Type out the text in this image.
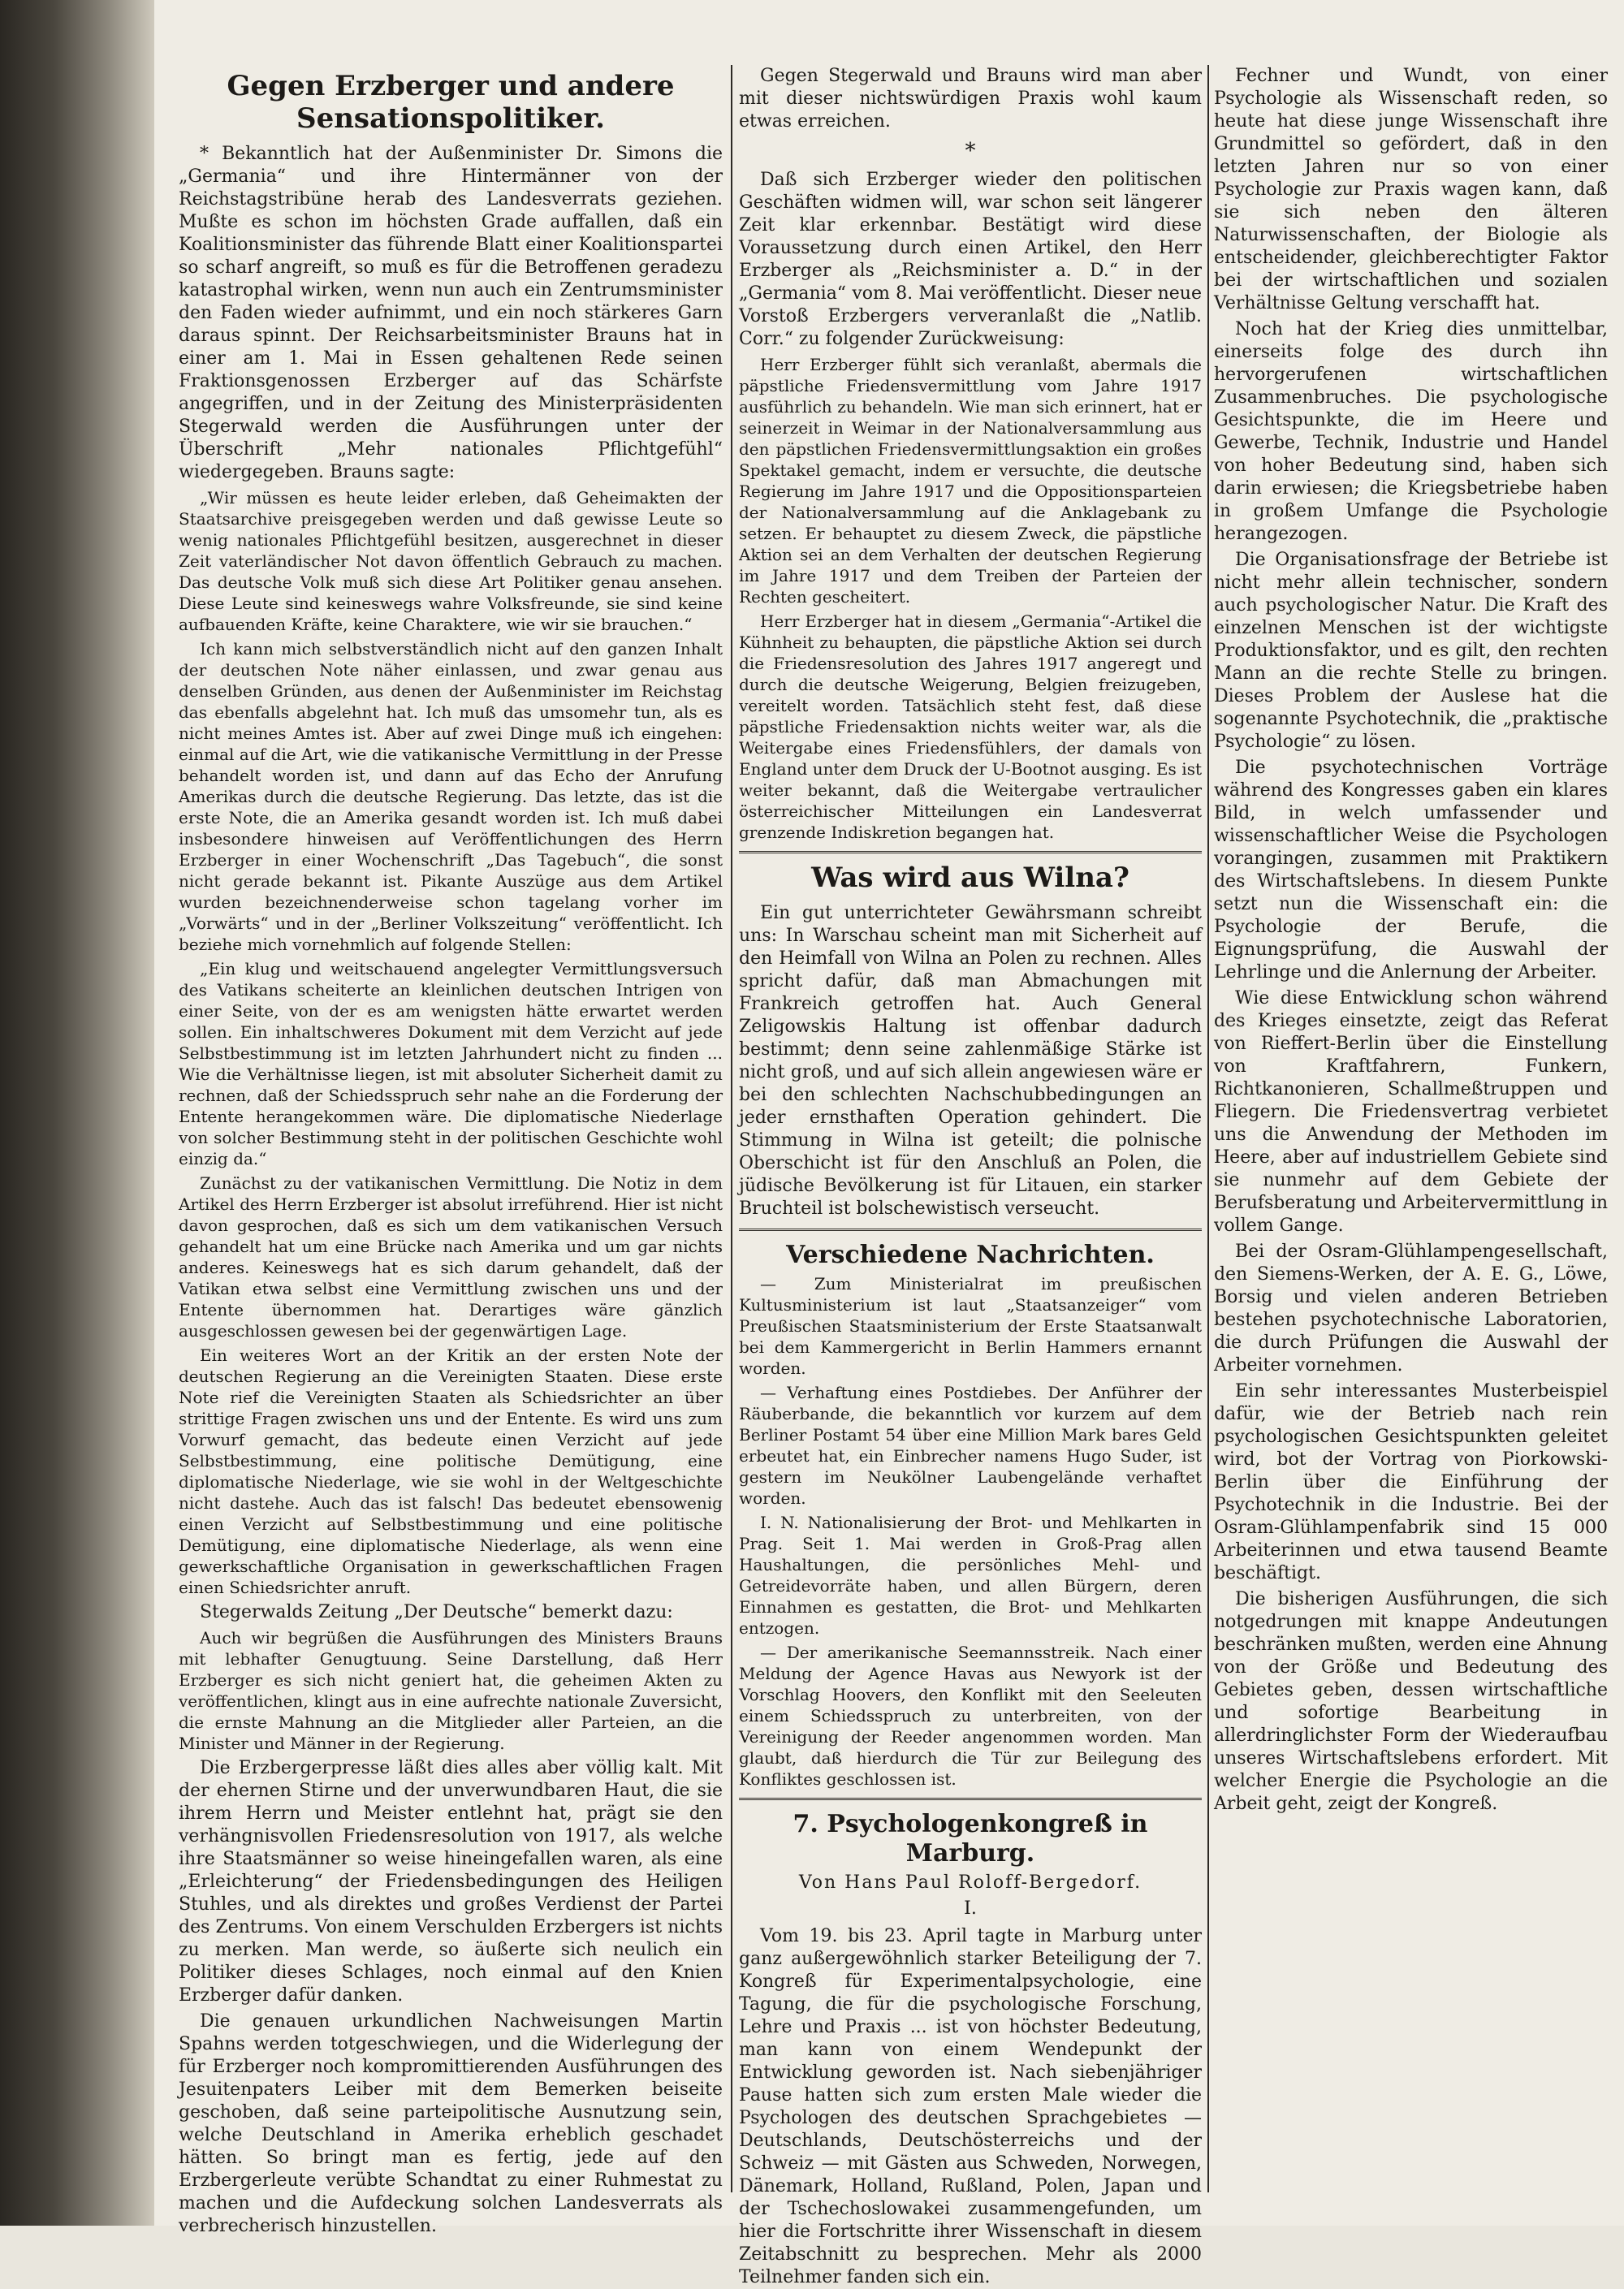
Gegen Erzberger und andere Sensationspolitiker.

* Bekanntlich hat der Außenminister Dr. Simons die „Germania“ und ihre Hintermänner von der Reichstagstribüne herab des Landesverrats geziehen. Mußte es schon im höchsten Grade auffallen, daß ein Koalitionsminister das führende Blatt einer Koalitionspartei so scharf angreift, so muß es für die Betroffenen geradezu katastrophal wirken, wenn nun auch ein Zentrumsminister den Faden wieder aufnimmt, und ein noch stärkeres Garn daraus spinnt. Der Reichsarbeitsminister Brauns hat in einer am 1. Mai in Essen gehaltenen Rede seinen Fraktionsgenossen Erzberger auf das Schärfste angegriffen, und in der Zeitung des Ministerpräsidenten Stegerwald werden die Ausführungen unter der Überschrift „Mehr nationales Pflichtgefühl“ wiedergegeben. Brauns sagte:

„Wir müssen es heute leider erleben, daß Geheimakten der Staatsarchive preisgegeben werden und daß gewisse Leute so wenig nationales Pflichtgefühl besitzen, ausgerechnet in dieser Zeit vaterländischer Not davon öffentlich Gebrauch zu machen. Das deutsche Volk muß sich diese Art Politiker genau ansehen. Diese Leute sind keineswegs wahre Volksfreunde, sie sind keine aufbauenden Kräfte, keine Charaktere, wie wir sie brauchen.“

Ich kann mich selbstverständlich nicht auf den ganzen Inhalt der deutschen Note näher einlassen, und zwar genau aus denselben Gründen, aus denen der Außenminister im Reichstag das ebenfalls abgelehnt hat. Ich muß das umsomehr tun, als es nicht meines Amtes ist. Aber auf zwei Dinge muß ich eingehen: einmal auf die Art, wie die vatikanische Vermittlung in der Presse behandelt worden ist, und dann auf das Echo der Anrufung Amerikas durch die deutsche Regierung. Das letzte, das ist die erste Note, die an Amerika gesandt worden ist. Ich muß dabei insbesondere hinweisen auf Veröffentlichungen des Herrn Erzberger in einer Wochenschrift „Das Tagebuch“, die sonst nicht gerade bekannt ist. Pikante Auszüge aus dem Artikel wurden bezeichnenderweise schon tagelang vorher im „Vorwärts“ und in der „Berliner Volkszeitung“ veröffentlicht. Ich beziehe mich vornehmlich auf folgende Stellen:

„Ein klug und weitschauend angelegter Vermittlungsversuch des Vatikans scheiterte an kleinlichen deutschen Intrigen von einer Seite, von der es am wenigsten hätte erwartet werden sollen. Ein inhaltschweres Dokument mit dem Verzicht auf jede Selbstbestimmung ist im letzten Jahrhundert nicht zu finden ... Wie die Verhältnisse liegen, ist mit absoluter Sicherheit damit zu rechnen, daß der Schiedsspruch sehr nahe an die Forderung der Entente herangekommen wäre. Die diplomatische Niederlage von solcher Bestimmung steht in der politischen Geschichte wohl einzig da.“

Zunächst zu der vatikanischen Vermittlung. Die Notiz in dem Artikel des Herrn Erzberger ist absolut irreführend. Hier ist nicht davon gesprochen, daß es sich um dem vatikanischen Versuch gehandelt hat um eine Brücke nach Amerika und um gar nichts anderes. Keineswegs hat es sich darum gehandelt, daß der Vatikan etwa selbst eine Vermittlung zwischen uns und der Entente übernommen hat. Derartiges wäre gänzlich ausgeschlossen gewesen bei der gegenwärtigen Lage.

Ein weiteres Wort an der Kritik an der ersten Note der deutschen Regierung an die Vereinigten Staaten. Diese erste Note rief die Vereinigten Staaten als Schiedsrichter an über strittige Fragen zwischen uns und der Entente. Es wird uns zum Vorwurf gemacht, das bedeute einen Verzicht auf jede Selbstbestimmung, eine politische Demütigung, eine diplomatische Niederlage, wie sie wohl in der Weltgeschichte nicht dastehe. Auch das ist falsch! Das bedeutet ebensowenig einen Verzicht auf Selbstbestimmung und eine politische Demütigung, eine diplomatische Niederlage, als wenn eine gewerkschaftliche Organisation in gewerkschaftlichen Fragen einen Schiedsrichter anruft.

Stegerwalds Zeitung „Der Deutsche“ bemerkt dazu:

Auch wir begrüßen die Ausführungen des Ministers Brauns mit lebhafter Genugtuung. Seine Darstellung, daß Herr Erzberger es sich nicht geniert hat, die geheimen Akten zu veröffentlichen, klingt aus in eine aufrechte nationale Zuversicht, die ernste Mahnung an die Mitglieder aller Parteien, an die Minister und Männer in der Regierung.

Die Erzbergerpresse läßt dies alles aber völlig kalt. Mit der ehernen Stirne und der unverwundbaren Haut, die sie ihrem Herrn und Meister entlehnt hat, prägt sie den verhängnisvollen Friedensresolution von 1917, als welche ihre Staatsmänner so weise hineingefallen waren, als eine „Erleichterung“ der Friedensbedingungen des Heiligen Stuhles, und als direktes und großes Verdienst der Partei des Zentrums. Von einem Verschulden Erzbergers ist nichts zu merken. Man werde, so äußerte sich neulich ein Politiker dieses Schlages, noch einmal auf den Knien Erzberger dafür danken.

Die genauen urkundlichen Nachweisungen Martin Spahns werden totgeschwiegen, und die Widerlegung der für Erzberger noch kompromittierenden Ausführungen des Jesuitenpaters Leiber mit dem Bemerken beiseite geschoben, daß seine parteipolitische Ausnutzung sein, welche Deutschland in Amerika erheblich geschadet hätten. So bringt man es fertig, jede auf den Erzbergerleute verübte Schandtat zu einer Ruhmestat zu machen und die Aufdeckung solchen Landesverrats als verbrecherisch hinzustellen.

Gegen Stegerwald und Brauns wird man aber mit dieser nichtswürdigen Praxis wohl kaum etwas erreichen.

*

Daß sich Erzberger wieder den politischen Geschäften widmen will, war schon seit längerer Zeit klar erkennbar. Bestätigt wird diese Voraussetzung durch einen Artikel, den Herr Erzberger als „Reichsminister a. D.“ in der „Germania“ vom 8. Mai veröffentlicht. Dieser neue Vorstoß Erzbergers ververanlaßt die „Natlib. Corr.“ zu folgender Zurückweisung:

Herr Erzberger fühlt sich veranlaßt, abermals die päpstliche Friedensvermittlung vom Jahre 1917 ausführlich zu behandeln. Wie man sich erinnert, hat er seinerzeit in Weimar in der Nationalversammlung aus den päpstlichen Friedensvermittlungsaktion ein großes Spektakel gemacht, indem er versuchte, die deutsche Regierung im Jahre 1917 und die Oppositionsparteien der Nationalversammlung auf die Anklagebank zu setzen. Er behauptet zu diesem Zweck, die päpstliche Aktion sei an dem Verhalten der deutschen Regierung im Jahre 1917 und dem Treiben der Parteien der Rechten gescheitert.

Herr Erzberger hat in diesem „Germania“-Artikel die Kühnheit zu behaupten, die päpstliche Aktion sei durch die Friedensresolution des Jahres 1917 angeregt und durch die deutsche Weigerung, Belgien freizugeben, vereitelt worden. Tatsächlich steht fest, daß diese päpstliche Friedensaktion nichts weiter war, als die Weitergabe eines Friedensfühlers, der damals von England unter dem Druck der U-Bootnot ausging. Es ist weiter bekannt, daß die Weitergabe vertraulicher österreichischer Mitteilungen ein Landesverrat grenzende Indiskretion begangen hat.

Was wird aus Wilna?

Ein gut unterrichteter Gewährsmann schreibt uns: In Warschau scheint man mit Sicherheit auf den Heimfall von Wilna an Polen zu rechnen. Alles spricht dafür, daß man Abmachungen mit Frankreich getroffen hat. Auch General Zeligowskis Haltung ist offenbar dadurch bestimmt; denn seine zahlenmäßige Stärke ist nicht groß, und auf sich allein angewiesen wäre er bei den schlechten Nachschubbedingungen an jeder ernsthaften Operation gehindert. Die Stimmung in Wilna ist geteilt; die polnische Oberschicht ist für den Anschluß an Polen, die jüdische Bevölkerung ist für Litauen, ein starker Bruchteil ist bolschewistisch verseucht.

Verschiedene Nachrichten.

— Zum Ministerialrat im preußischen Kultusministerium ist laut „Staatsanzeiger“ vom Preußischen Staatsministerium der Erste Staatsanwalt bei dem Kammergericht in Berlin Hammers ernannt worden.

— Verhaftung eines Postdiebes. Der Anführer der Räuberbande, die bekanntlich vor kurzem auf dem Berliner Postamt 54 über eine Million Mark bares Geld erbeutet hat, ein Einbrecher namens Hugo Suder, ist gestern im Neukölner Laubengelände verhaftet worden.

I. N. Nationalisierung der Brot- und Mehlkarten in Prag. Seit 1. Mai werden in Groß-Prag allen Haushaltungen, die persönliches Mehl- und Getreidevorräte haben, und allen Bürgern, deren Einnahmen es gestatten, die Brot- und Mehlkarten entzogen.

— Der amerikanische Seemannsstreik. Nach einer Meldung der Agence Havas aus Newyork ist der Vorschlag Hoovers, den Konflikt mit den Seeleuten einem Schiedsspruch zu unterbreiten, von der Vereinigung der Reeder angenommen worden. Man glaubt, daß hierdurch die Tür zur Beilegung des Konfliktes geschlossen ist.

7. Psychologenkongreß in Marburg.
Von Hans Paul Roloff-Bergedorf.
I.

Vom 19. bis 23. April tagte in Marburg unter ganz außergewöhnlich starker Beteiligung der 7. Kongreß für Experimentalpsychologie, eine Tagung, die für die psychologische Forschung, Lehre und Praxis ... ist von höchster Bedeutung, man kann von einem Wendepunkt der Entwicklung geworden ist. Nach siebenjähriger Pause hatten sich zum ersten Male wieder die Psychologen des deutschen Sprachgebietes — Deutschlands, Deutschösterreichs und der Schweiz — mit Gästen aus Schweden, Norwegen, Dänemark, Holland, Rußland, Polen, Japan und der Tschechoslowakei zusammengefunden, um hier die Fortschritte ihrer Wissenschaft in diesem Zeitabschnitt zu besprechen. Mehr als 2000 Teilnehmer fanden sich ein.

Fechner und Wundt, von einer Psychologie als Wissenschaft reden, so heute hat diese junge Wissenschaft ihre Grundmittel so gefördert, daß in den letzten Jahren nur so von einer Psychologie zur Praxis wagen kann, daß sie sich neben den älteren Naturwissenschaften, der Biologie als entscheidender, gleichberechtigter Faktor bei der wirtschaftlichen und sozialen Verhältnisse Geltung verschafft hat.

Noch hat der Krieg dies unmittelbar, einerseits folge des durch ihn hervorgerufenen wirtschaftlichen Zusammenbruches. Die psychologische Gesichtspunkte, die im Heere und Gewerbe, Technik, Industrie und Handel von hoher Bedeutung sind, haben sich darin erwiesen; die Kriegsbetriebe haben in großem Umfange die Psychologie herangezogen.

Die Organisationsfrage der Betriebe ist nicht mehr allein technischer, sondern auch psychologischer Natur. Die Kraft des einzelnen Menschen ist der wichtigste Produktionsfaktor, und es gilt, den rechten Mann an die rechte Stelle zu bringen. Dieses Problem der Auslese hat die sogenannte Psychotechnik, die „praktische Psychologie“ zu lösen.

Die psychotechnischen Vorträge während des Kongresses gaben ein klares Bild, in welch umfassender und wissenschaftlicher Weise die Psychologen vorangingen, zusammen mit Praktikern des Wirtschaftslebens. In diesem Punkte setzt nun die Wissenschaft ein: die Psychologie der Berufe, die Eignungsprüfung, die Auswahl der Lehrlinge und die Anlernung der Arbeiter.

Wie diese Entwicklung schon während des Krieges einsetzte, zeigt das Referat von Rieffert-Berlin über die Einstellung von Kraftfahrern, Funkern, Richtkanonieren, Schallmeßtruppen und Fliegern. Die Friedensvertrag verbietet uns die Anwendung der Methoden im Heere, aber auf industriellem Gebiete sind sie nunmehr auf dem Gebiete der Berufsberatung und Arbeitervermittlung in vollem Gange.

Bei der Osram-Glühlampengesellschaft, den Siemens-Werken, der A. E. G., Löwe, Borsig und vielen anderen Betrieben bestehen psychotechnische Laboratorien, die durch Prüfungen die Auswahl der Arbeiter vornehmen.

Ein sehr interessantes Musterbeispiel dafür, wie der Betrieb nach rein psychologischen Gesichtspunkten geleitet wird, bot der Vortrag von Piorkowski-Berlin über die Einführung der Psychotechnik in die Industrie. Bei der Osram-Glühlampenfabrik sind 15 000 Arbeiterinnen und etwa tausend Beamte beschäftigt.

Die bisherigen Ausführungen, die sich notgedrungen mit knappe Andeutungen beschränken mußten, werden eine Ahnung von der Größe und Bedeutung des Gebietes geben, dessen wirtschaftliche und sofortige Bearbeitung in allerdringlichster Form der Wiederaufbau unseres Wirtschaftslebens erfordert. Mit welcher Energie die Psychologie an die Arbeit geht, zeigt der Kongreß.
